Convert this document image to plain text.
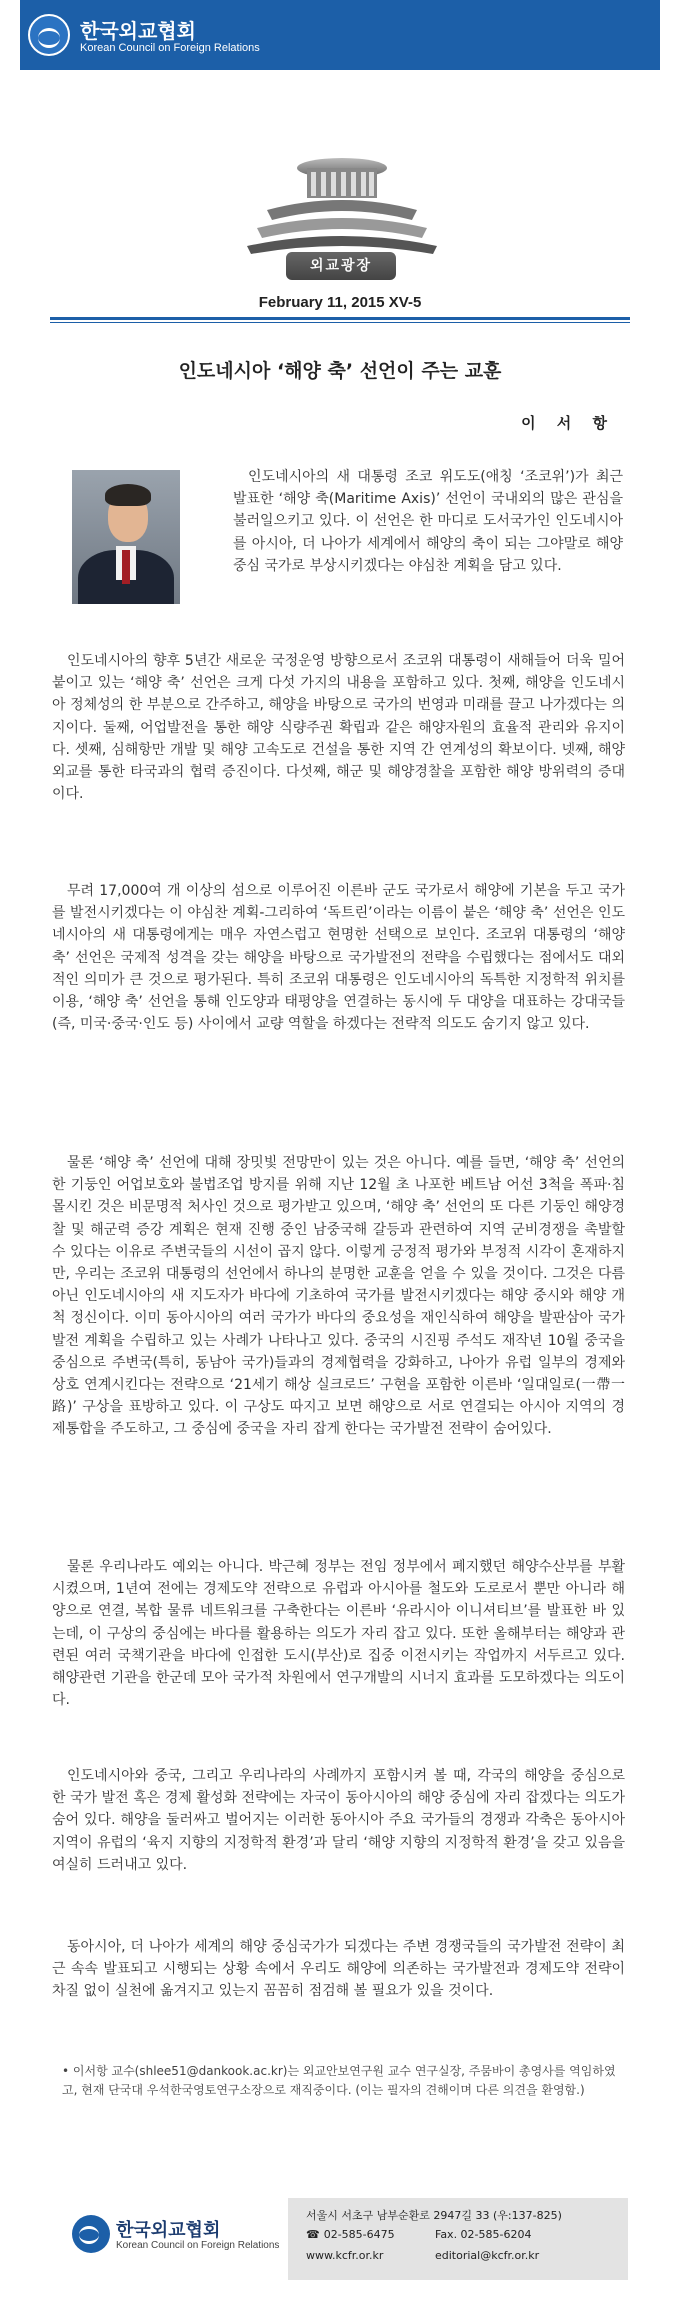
한국외교협회
Korean Council on Foreign Relations
외교광장
February 11, 2015 XV-5
인도네시아 ‘해양 축’ 선언이 주는 교훈
이 서 항
인도네시아의 새 대통령 조코 위도도(애칭 ‘조코위’)가 최근 발표한 ‘해양 축(Maritime Axis)’ 선언이 국내외의 많은 관심을 불러일으키고 있다. 이 선언은 한 마디로 도서국가인 인도네시아를 아시아, 더 나아가 세계에서 해양의 축이 되는 그야말로 해양 중심 국가로 부상시키겠다는 야심찬 계획을 담고 있다.
인도네시아의 향후 5년간 새로운 국정운영 방향으로서 조코위 대통령이 새해들어 더욱 밀어붙이고 있는 ‘해양 축’ 선언은 크게 다섯 가지의 내용을 포함하고 있다. 첫째, 해양을 인도네시아 정체성의 한 부분으로 간주하고, 해양을 바탕으로 국가의 번영과 미래를 끌고 나가겠다는 의지이다. 둘째, 어업발전을 통한 해양 식량주권 확립과 같은 해양자원의 효율적 관리와 유지이다. 셋째, 심해항만 개발 및 해양 고속도로 건설을 통한 지역 간 연계성의 확보이다. 넷째, 해양외교를 통한 타국과의 협력 증진이다. 다섯째, 해군 및 해양경찰을 포함한 해양 방위력의 증대이다.
무려 17,000여 개 이상의 섬으로 이루어진 이른바 군도 국가로서 해양에 기본을 두고 국가를 발전시키겠다는 이 야심찬 계획-그리하여 ‘독트린’이라는 이름이 붙은 ‘해양 축’ 선언은 인도네시아의 새 대통령에게는 매우 자연스럽고 현명한 선택으로 보인다. 조코위 대통령의 ‘해양 축’ 선언은 국제적 성격을 갖는 해양을 바탕으로 국가발전의 전략을 수립했다는 점에서도 대외적인 의미가 큰 것으로 평가된다. 특히 조코위 대통령은 인도네시아의 독특한 지정학적 위치를 이용, ‘해양 축’ 선언을 통해 인도양과 태평양을 연결하는 동시에 두 대양을 대표하는 강대국들(즉, 미국·중국·인도 등) 사이에서 교량 역할을 하겠다는 전략적 의도도 숨기지 않고 있다.
물론 ‘해양 축’ 선언에 대해 장밋빛 전망만이 있는 것은 아니다. 예를 들면, ‘해양 축’ 선언의 한 기둥인 어업보호와 불법조업 방지를 위해 지난 12월 초 나포한 베트남 어선 3척을 폭파·침몰시킨 것은 비문명적 처사인 것으로 평가받고 있으며, ‘해양 축’ 선언의 또 다른 기둥인 해양경찰 및 해군력 증강 계획은 현재 진행 중인 남중국해 갈등과 관련하여 지역 군비경쟁을 촉발할 수 있다는 이유로 주변국들의 시선이 곱지 않다. 이렇게 긍정적 평가와 부정적 시각이 혼재하지만, 우리는 조코위 대통령의 선언에서 하나의 분명한 교훈을 얻을 수 있을 것이다. 그것은 다름 아닌 인도네시아의 새 지도자가 바다에 기초하여 국가를 발전시키겠다는 해양 중시와 해양 개척 정신이다. 이미 동아시아의 여러 국가가 바다의 중요성을 재인식하여 해양을 발판삼아 국가발전 계획을 수립하고 있는 사례가 나타나고 있다. 중국의 시진핑 주석도 재작년 10월 중국을 중심으로 주변국(특히, 동남아 국가)들과의 경제협력을 강화하고, 나아가 유럽 일부의 경제와 상호 연계시킨다는 전략으로 ‘21세기 해상 실크로드’ 구현을 포함한 이른바 ‘일대일로(一帶一路)’ 구상을 표방하고 있다. 이 구상도 따지고 보면 해양으로 서로 연결되는 아시아 지역의 경제통합을 주도하고, 그 중심에 중국을 자리 잡게 한다는 국가발전 전략이 숨어있다.
물론 우리나라도 예외는 아니다. 박근혜 정부는 전임 정부에서 폐지했던 해양수산부를 부활시켰으며, 1년여 전에는 경제도약 전략으로 유럽과 아시아를 철도와 도로로서 뿐만 아니라 해양으로 연결, 복합 물류 네트워크를 구축한다는 이른바 ‘유라시아 이니셔티브’를 발표한 바 있는데, 이 구상의 중심에는 바다를 활용하는 의도가 자리 잡고 있다. 또한 올해부터는 해양과 관련된 여러 국책기관을 바다에 인접한 도시(부산)로 집중 이전시키는 작업까지 서두르고 있다. 해양관련 기관을 한군데 모아 국가적 차원에서 연구개발의 시너지 효과를 도모하겠다는 의도이다.
인도네시아와 중국, 그리고 우리나라의 사례까지 포함시켜 볼 때, 각국의 해양을 중심으로 한 국가 발전 혹은 경제 활성화 전략에는 자국이 동아시아의 해양 중심에 자리 잡겠다는 의도가 숨어 있다. 해양을 둘러싸고 벌어지는 이러한 동아시아 주요 국가들의 경쟁과 각축은 동아시아 지역이 유럽의 ‘육지 지향의 지정학적 환경’과 달리 ‘해양 지향의 지정학적 환경’을 갖고 있음을 여실히 드러내고 있다.
동아시아, 더 나아가 세계의 해양 중심국가가 되겠다는 주변 경쟁국들의 국가발전 전략이 최근 속속 발표되고 시행되는 상황 속에서 우리도 해양에 의존하는 국가발전과 경제도약 전략이 차질 없이 실천에 옮겨지고 있는지 꼼꼼히 점검해 볼 필요가 있을 것이다.
• 이서항 교수(shlee51@dankook.ac.kr)는 외교안보연구원 교수 연구실장, 주뭄바이 총영사를 역임하였고, 현재 단국대 우석한국영토연구소장으로 재직중이다. (이는 필자의 견해이며 다른 의견을 환영함.)
한국외교협회
Korean Council on Foreign Relations
서울시 서초구 남부순환로 2947길 33 (우:137-825)
☎ 02-585-6475	Fax. 02-585-6204
www.kcfr.or.kr	editorial@kcfr.or.kr
